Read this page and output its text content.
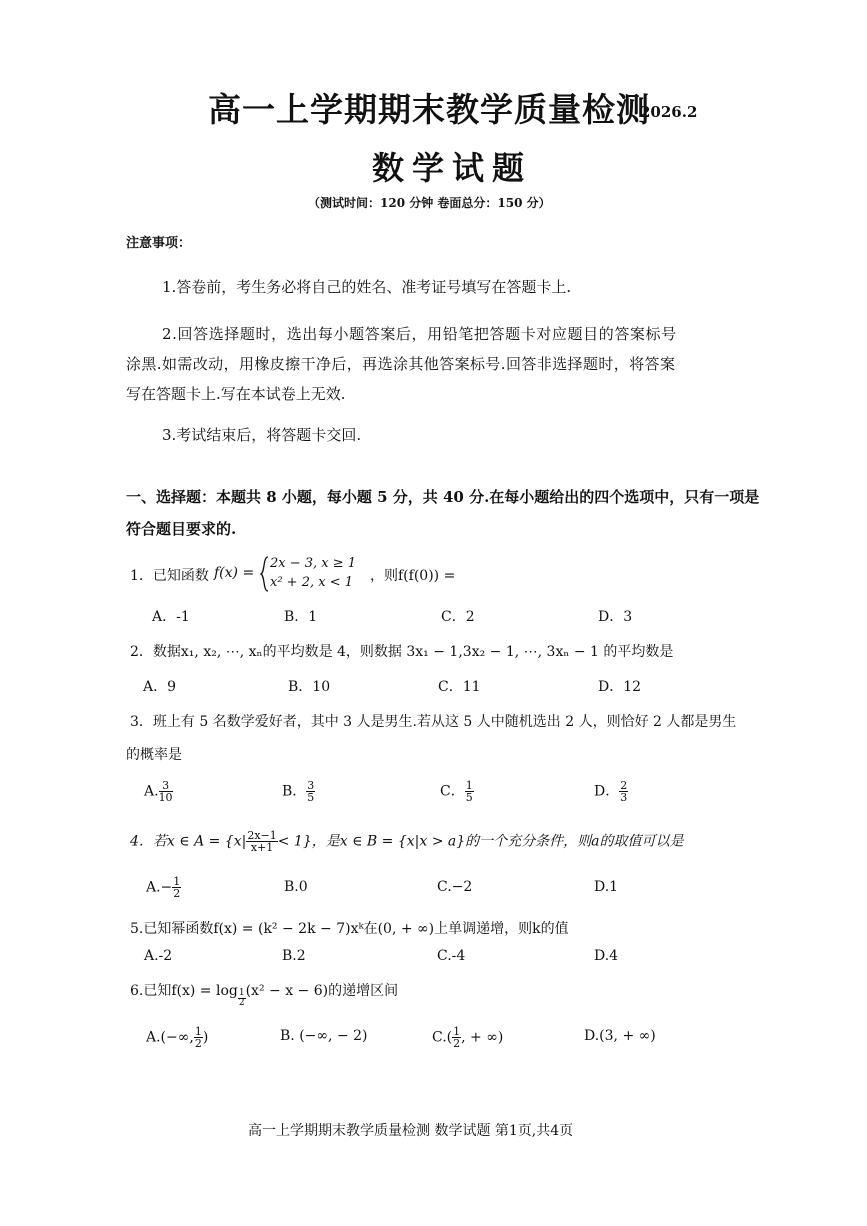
高一上学期期末教学质量检测
2026.2
数学试题
（测试时间：120 分钟 卷面总分：150 分）
注意事项：
1.答卷前，考生务必将自己的姓名、准考证号填写在答题卡上.
2.回答选择题时，选出每小题答案后，用铅笔把答题卡对应题目的答案标号
涂黑.如需改动，用橡皮擦干净后，再选涂其他答案标号.回答非选择题时，将答案
写在答题卡上.写在本试卷上无效.
3.考试结束后，将答题卡交回.
一、选择题：本题共 8 小题，每小题 5 分，共 40 分.在每小题给出的四个选项中，只有一项是
符合题目要求的.
1．已知函数 f(x) =
2x − 3, x ≥ 1
x² + 2, x < 1 ，则f(f(0)) =
A．-1	B．1	C．2	D．3
2．数据x₁, x₂, ⋯, xₙ的平均数是 4，则数据 3x₁ − 1,3x₂ − 1, ⋯, 3xₙ − 1 的平均数是
A．9	B．10	C．11	D．12
3．班上有 5 名数学爱好者，其中 3 人是男生.若从这 5 人中随机选出 2 人，则恰好 2 人都是男生
的概率是
A. $\frac{3}{10}$	B． $\frac{3}{5}$	C． $\frac{1}{5}$	D． $\frac{2}{3}$
4．若x ∈ $A = \{x| \frac{2x-1}{x+1} < 1\}$，是x ∈ B = {x|x > a}的一个充分条件，则a的取值可以是
$A.- \frac{1}{2}$	B.0	C.−2	D.1
5.已知幂函数f(x) = (k² − 2k − 7)xᵏ在(0, + ∞)上单调递增，则k的值
A.-2	B.2	C.-4	D.4
6.已知$f(x) = \log \frac{1}{2} (x^2 - x - 6)$的递增区间
A.(−∞, $\frac{1}{2}$ )	B. (−∞, − 2)	$C.( \frac{1}{2}$ , + ∞)	D.(3, + ∞)
高一上学期期末教学质量检测 数学试题 第1页,共4页
